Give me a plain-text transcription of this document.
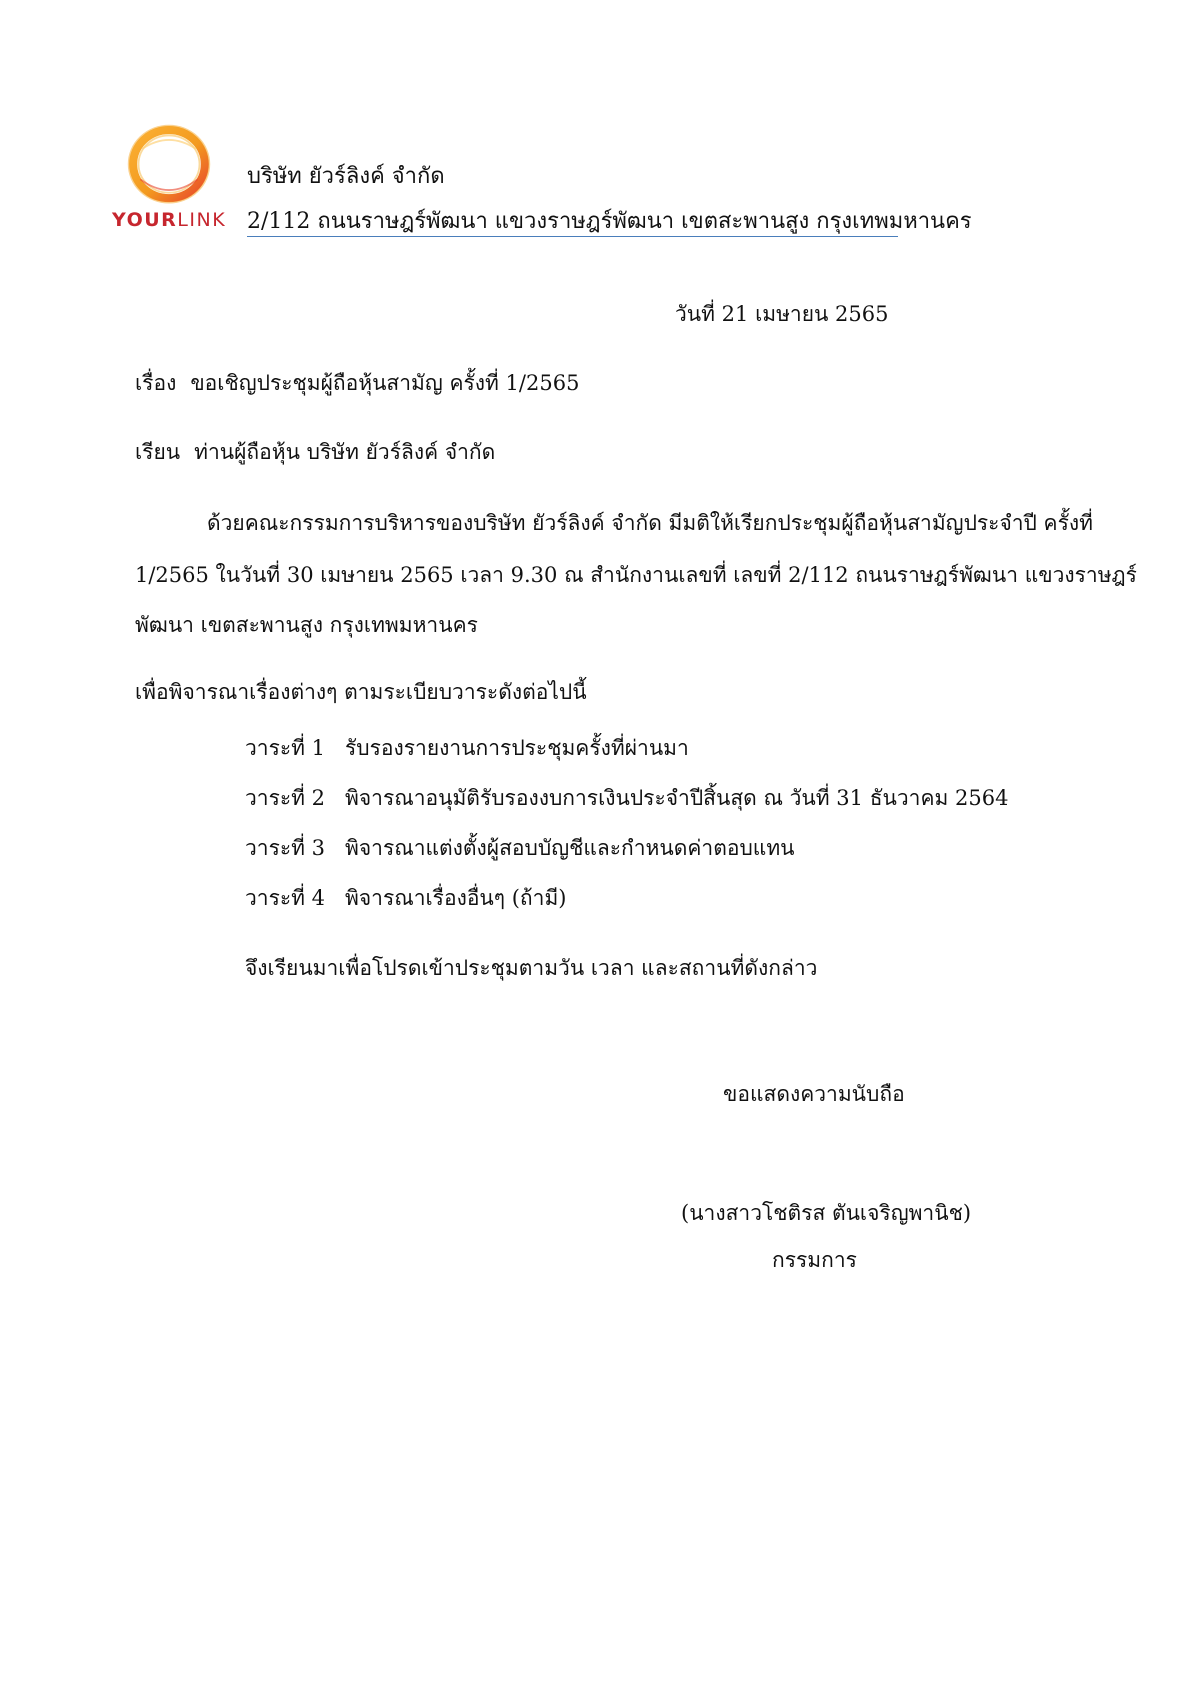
YOURLINK
บริษัท ยัวร์ลิงค์ จำกัด
2/112 ถนนราษฎร์พัฒนา แขวงราษฎร์พัฒนา เขตสะพานสูง กรุงเทพมหานคร
วันที่ 21 เมษายน 2565
เรื่อง ขอเชิญประชุมผู้ถือหุ้นสามัญ ครั้งที่ 1/2565
เรียน ท่านผู้ถือหุ้น บริษัท ยัวร์ลิงค์ จำกัด
ด้วยคณะกรรมการบริหารของบริษัท ยัวร์ลิงค์ จำกัด มีมติให้เรียกประชุมผู้ถือหุ้นสามัญประจำปี ครั้งที่
1/2565 ในวันที่ 30 เมษายน 2565 เวลา 9.30 ณ สำนักงานเลขที่ เลขที่ 2/112 ถนนราษฎร์พัฒนา แขวงราษฎร์
พัฒนา เขตสะพานสูง กรุงเทพมหานคร
เพื่อพิจารณาเรื่องต่างๆ ตามระเบียบวาระดังต่อไปนี้
วาระที่ 1 รับรองรายงานการประชุมครั้งที่ผ่านมา
วาระที่ 2 พิจารณาอนุมัติรับรองงบการเงินประจำปีสิ้นสุด ณ วันที่ 31 ธันวาคม 2564
วาระที่ 3 พิจารณาแต่งตั้งผู้สอบบัญชีและกำหนดค่าตอบแทน
วาระที่ 4 พิจารณาเรื่องอื่นๆ (ถ้ามี)
จึงเรียนมาเพื่อโปรดเข้าประชุมตามวัน เวลา และสถานที่ดังกล่าว
ขอแสดงความนับถือ
(นางสาวโชติรส ตันเจริญพานิช)
กรรมการ
